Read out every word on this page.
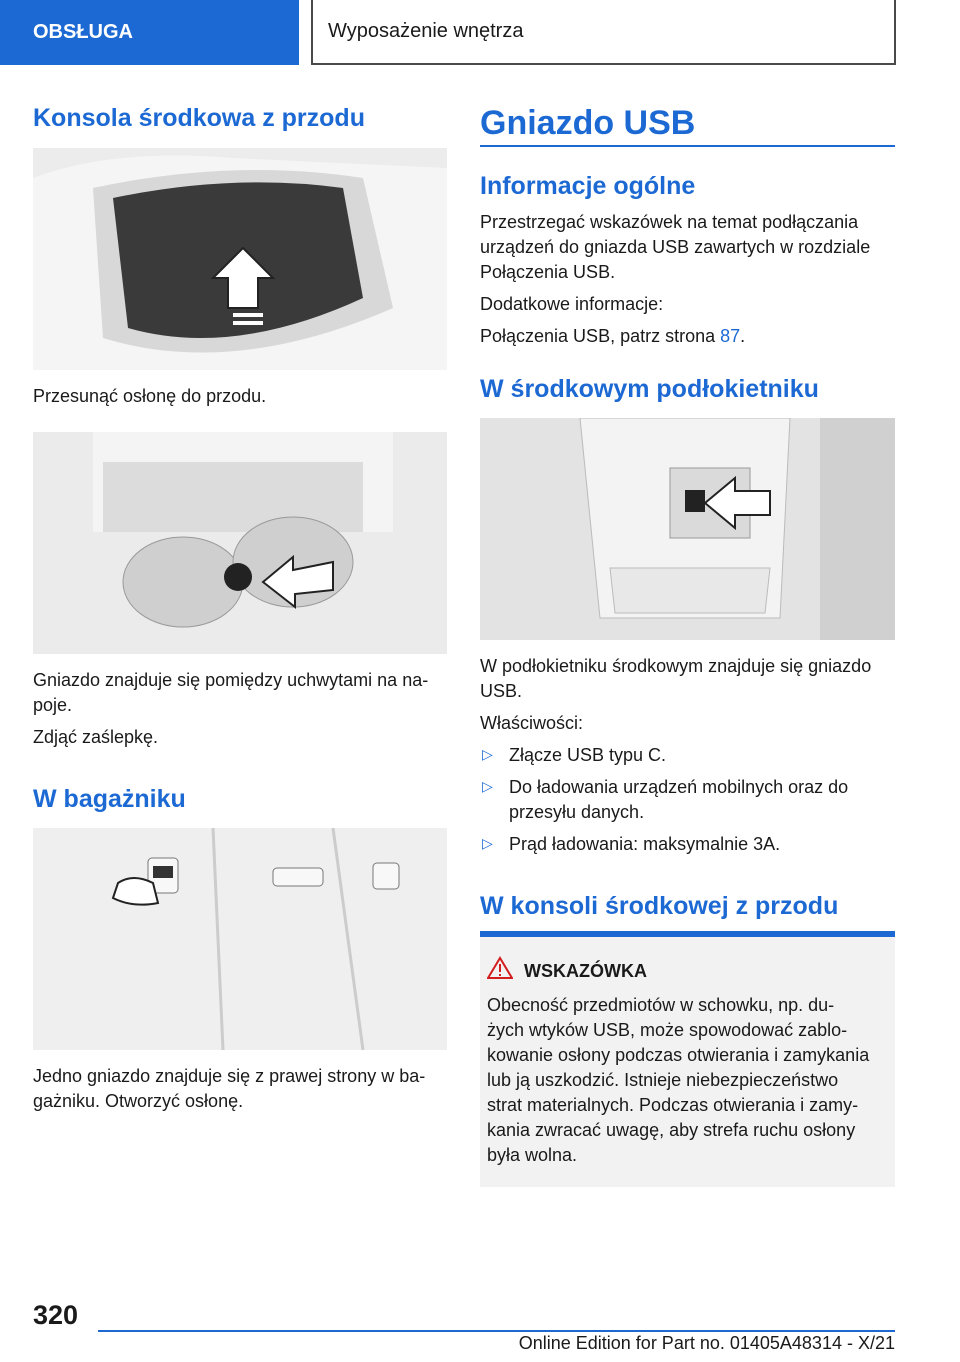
OBSŁUGA	Wyposażenie wnętrza
Konsola środkowa z przodu

Przesunąć osłonę do przodu.

Gniazdo znajduje się pomiędzy uchwytami na na-

poje.

Zdjąć zaślepkę.

W bagażniku

Jedno gniazdo znajduje się z prawej strony w ba-

gażniku. Otworzyć osłonę.

Gniazdo USB
Informacje ogólne

Przestrzegać wskazówek na temat podłączania

urządzeń do gniazda USB zawartych w rozdziale

Połączenia USB.

Dodatkowe informacje:

Połączenia USB, patrz strona 87.

W środkowym podłokietniku

W podłokietniku środkowym znajduje się gniazdo

USB.

Właściwości:

▷ Złącze USB typu C.

▷ Do ładowania urządzeń mobilnych oraz do

przesyłu danych.

▷ Prąd ładowania: maksymalnie 3A.

W konsoli środkowej z przodu

WSKAZÓWKA

Obecność przedmiotów w schowku, np. du-

żych wtyków USB, może spowodować zablo-

kowanie osłony podczas otwierania i zamykania

lub ją uszkodzić. Istnieje niebezpieczeństwo

strat materialnych. Podczas otwierania i zamy-

kania zwracać uwagę, aby strefa ruchu osłony

była wolna.

320
Online Edition for Part no. 01405A48314 - X/21
